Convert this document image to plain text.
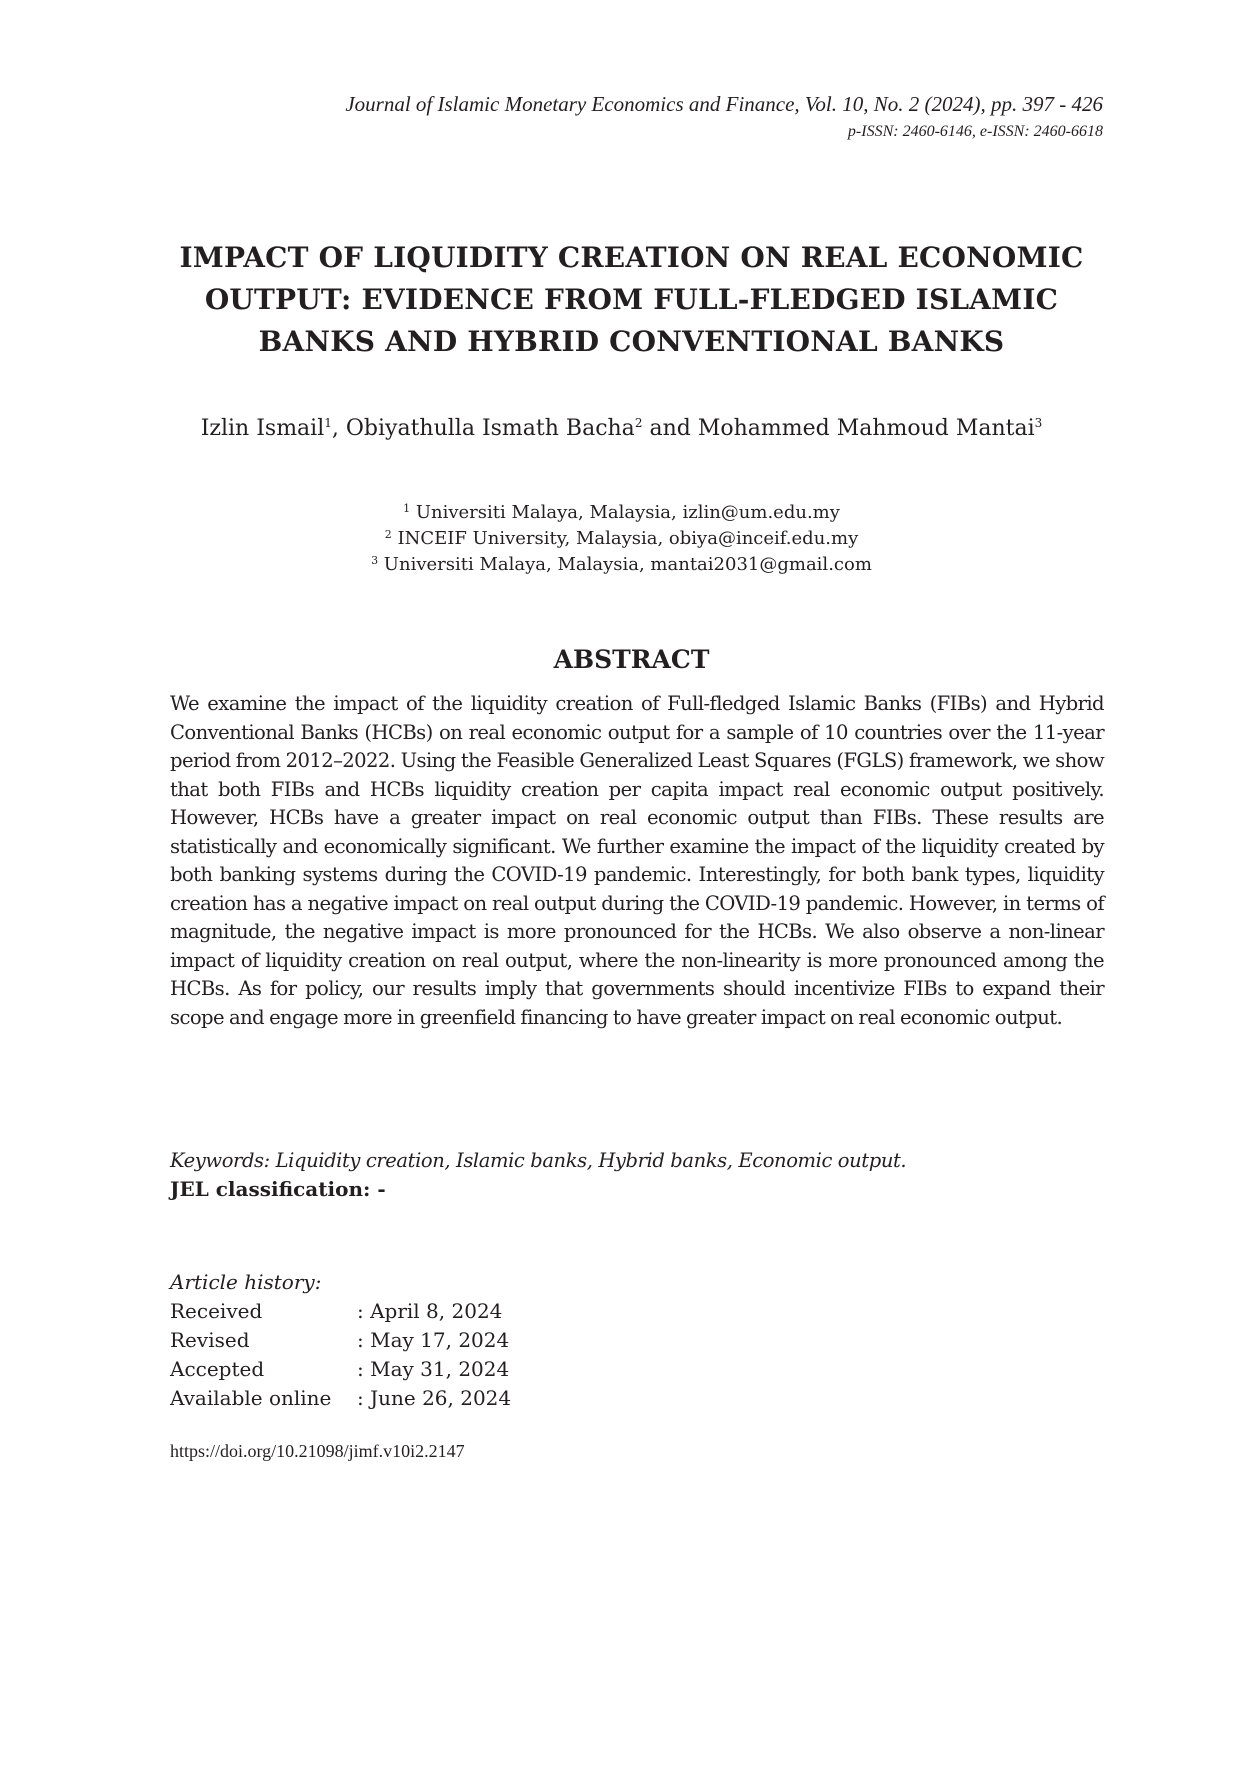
Journal of Islamic Monetary Economics and Finance, Vol. 10, No. 2 (2024), pp. 397 - 426
p-ISSN: 2460-6146, e-ISSN: 2460-6618
IMPACT OF LIQUIDITY CREATION ON REAL ECONOMIC
OUTPUT: EVIDENCE FROM FULL-FLEDGED ISLAMIC
BANKS AND HYBRID CONVENTIONAL BANKS
Izlin Ismail$^1$, Obiyathulla Ismath Bacha$^2$ and Mohammed Mahmoud Mantai$^3$
$^1$ Universiti Malaya, Malaysia, izlin@um.edu.my
$^2$ INCEIF University, Malaysia, obiya@inceif.edu.my
$^3$ Universiti Malaya, Malaysia, mantai2031@gmail.com
ABSTRACT

We examine the impact of the liquidity creation of Full-fledged Islamic Banks (FIBs) and Hybrid Conventional Banks (HCBs) on real economic output for a sample of 10 countries over the 11-year period from 2012–2022. Using the Feasible Generalized Least Squares (FGLS) framework, we show that both FIBs and HCBs liquidity creation per capita impact real economic output positively. However, HCBs have a greater impact on real economic output than FIBs. These results are statistically and economically significant. We further examine the impact of the liquidity created by both banking systems during the COVID-19 pandemic. Interestingly, for both bank types, liquidity creation has a negative impact on real output during the COVID-19 pandemic. However, in terms of magnitude, the negative impact is more pronounced for the HCBs. We also observe a non-linear impact of liquidity creation on real output, where the non-linearity is more pronounced among the HCBs. As for policy, our results imply that governments should incentivize FIBs to expand their scope and engage more in greenfield financing to have greater impact on real economic output.

Keywords: Liquidity creation, Islamic banks, Hybrid banks, Economic output.
JEL classification: -
Article history:
Received	: April 8, 2024
Revised	: May 17, 2024
Accepted	: May 31, 2024
Available online	: June 26, 2024
https://doi.org/10.21098/jimf.v10i2.2147
